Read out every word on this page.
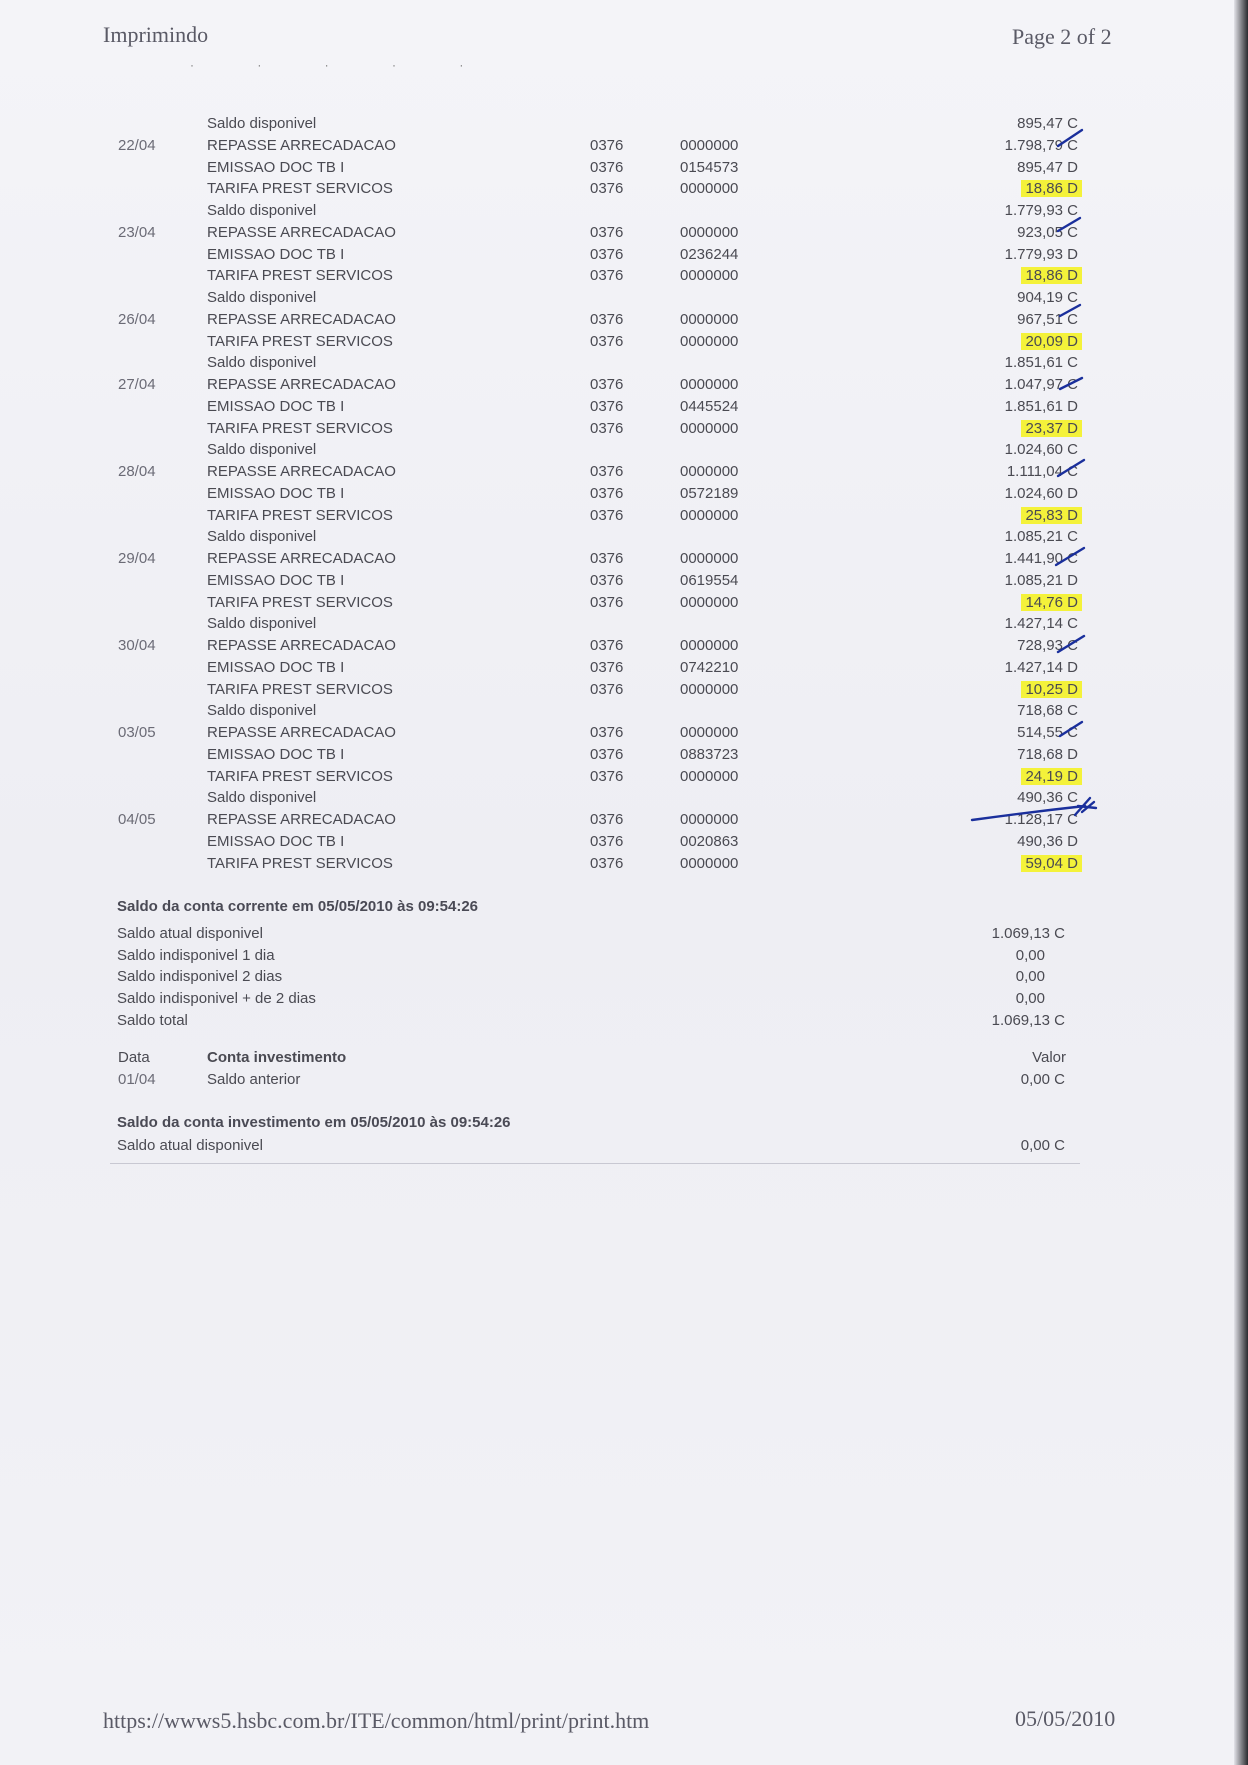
Imprimindo
· · · · ·
Page 2 of 2
Saldo disponivel	895,47 C
22/04	REPASSE ARRECADACAO	0376	0000000	1.798,79 C
EMISSAO DOC TB I	0376	0154573	895,47 D
TARIFA PREST SERVICOS	0376	0000000	18,86 D
Saldo disponivel	1.779,93 C
23/04	REPASSE ARRECADACAO	0376	0000000	923,05 C
EMISSAO DOC TB I	0376	0236244	1.779,93 D
TARIFA PREST SERVICOS	0376	0000000	18,86 D
Saldo disponivel	904,19 C
26/04	REPASSE ARRECADACAO	0376	0000000	967,51 C
TARIFA PREST SERVICOS	0376	0000000	20,09 D
Saldo disponivel	1.851,61 C
27/04	REPASSE ARRECADACAO	0376	0000000	1.047,97 C
EMISSAO DOC TB I	0376	0445524	1.851,61 D
TARIFA PREST SERVICOS	0376	0000000	23,37 D
Saldo disponivel	1.024,60 C
28/04	REPASSE ARRECADACAO	0376	0000000	1.111,04 C
EMISSAO DOC TB I	0376	0572189	1.024,60 D
TARIFA PREST SERVICOS	0376	0000000	25,83 D
Saldo disponivel	1.085,21 C
29/04	REPASSE ARRECADACAO	0376	0000000	1.441,90 C
EMISSAO DOC TB I	0376	0619554	1.085,21 D
TARIFA PREST SERVICOS	0376	0000000	14,76 D
Saldo disponivel	1.427,14 C
30/04	REPASSE ARRECADACAO	0376	0000000	728,93 C
EMISSAO DOC TB I	0376	0742210	1.427,14 D
TARIFA PREST SERVICOS	0376	0000000	10,25 D
Saldo disponivel	718,68 C
03/05	REPASSE ARRECADACAO	0376	0000000	514,55 C
EMISSAO DOC TB I	0376	0883723	718,68 D
TARIFA PREST SERVICOS	0376	0000000	24,19 D
Saldo disponivel	490,36 C
04/05	REPASSE ARRECADACAO	0376	0000000	1.128,17 C
EMISSAO DOC TB I	0376	0020863	490,36 D
TARIFA PREST SERVICOS	0376	0000000	59,04 D
Saldo da conta corrente em 05/05/2010 às 09:54:26
Saldo atual disponivel	1.069,13 C
Saldo indisponivel 1 dia	0,00
Saldo indisponivel 2 dias	0,00
Saldo indisponivel + de 2 dias	0,00
Saldo total	1.069,13 C
Data	Conta investimento	Valor
01/04	Saldo anterior	0,00 C
Saldo da conta investimento em 05/05/2010 às 09:54:26
Saldo atual disponivel	0,00 C
https://wwws5.hsbc.com.br/ITE/common/html/print/print.htm	05/05/2010
